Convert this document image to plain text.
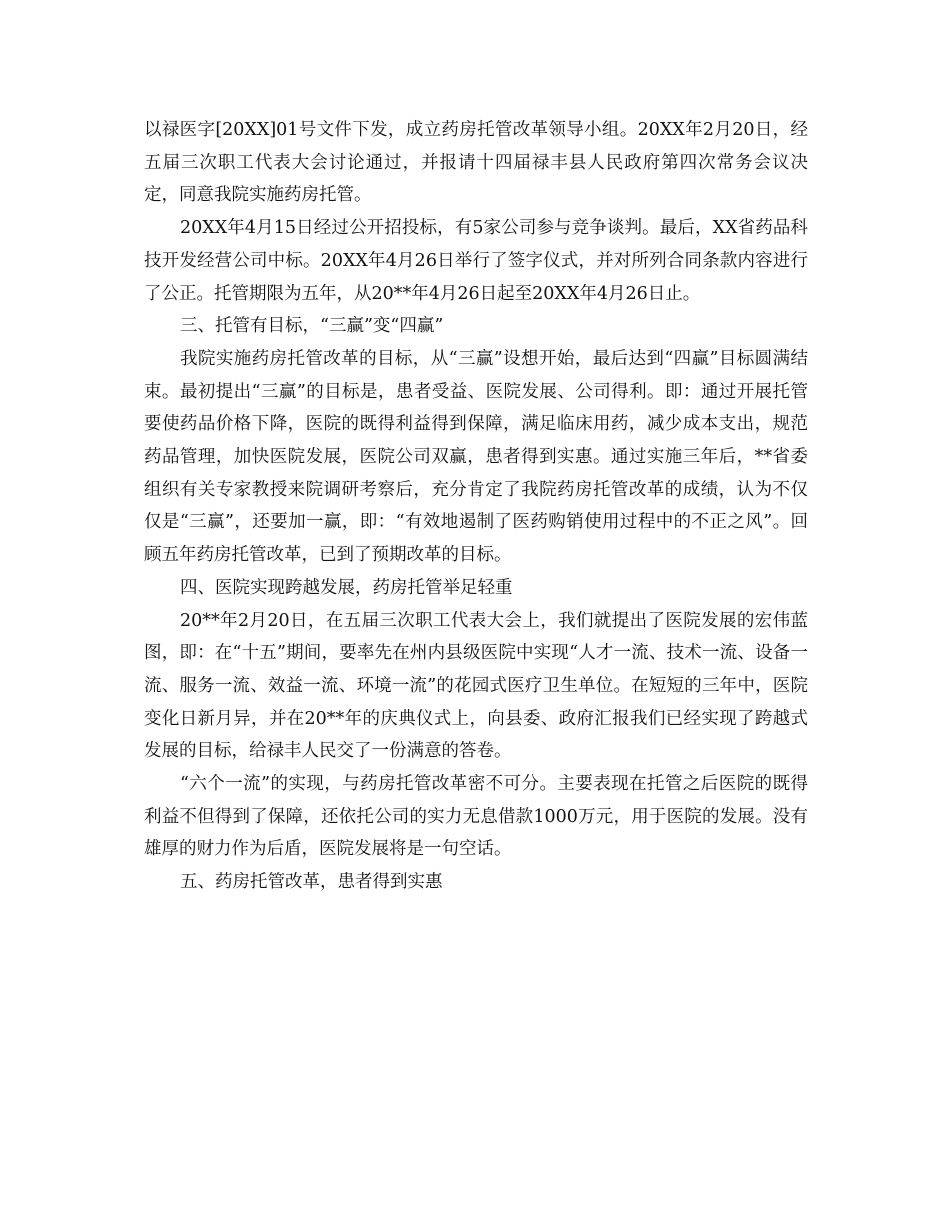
以禄医字[20XX]01号文件下发，成立药房托管改革领导小组。20XX年2月20日，经五届三次职工代表大会讨论通过，并报请十四届禄丰县人民政府第四次常务会议决定，同意我院实施药房托管。

20XX年4月15日经过公开招投标，有5家公司参与竞争谈判。最后，XX省药品科技开发经营公司中标。20XX年4月26日举行了签字仪式，并对所列合同条款内容进行了公正。托管期限为五年，从20**年4月26日起至20XX年4月26日止。

三、托管有目标，“三赢”变“四赢”

我院实施药房托管改革的目标，从“三赢”设想开始，最后达到“四赢”目标圆满结束。最初提出“三赢”的目标是，患者受益、医院发展、公司得利。即：通过开展托管要使药品价格下降，医院的既得利益得到保障，满足临床用药，减少成本支出，规范药品管理，加快医院发展，医院公司双赢，患者得到实惠。通过实施三年后，**省委组织有关专家教授来院调研考察后，充分肯定了我院药房托管改革的成绩，认为不仅仅是“三赢”，还要加一赢，即：“有效地遏制了医药购销使用过程中的不正之风”。回顾五年药房托管改革，已到了预期改革的目标。

四、医院实现跨越发展，药房托管举足轻重

20**年2月20日，在五届三次职工代表大会上，我们就提出了医院发展的宏伟蓝图，即：在“十五”期间，要率先在州内县级医院中实现“人才一流、技术一流、设备一流、服务一流、效益一流、环境一流”的花园式医疗卫生单位。在短短的三年中，医院变化日新月异，并在20**年的庆典仪式上，向县委、政府汇报我们已经实现了跨越式发展的目标，给禄丰人民交了一份满意的答卷。

“六个一流”的实现，与药房托管改革密不可分。主要表现在托管之后医院的既得利益不但得到了保障，还依托公司的实力无息借款1000万元，用于医院的发展。没有雄厚的财力作为后盾，医院发展将是一句空话。

五、药房托管改革，患者得到实惠
